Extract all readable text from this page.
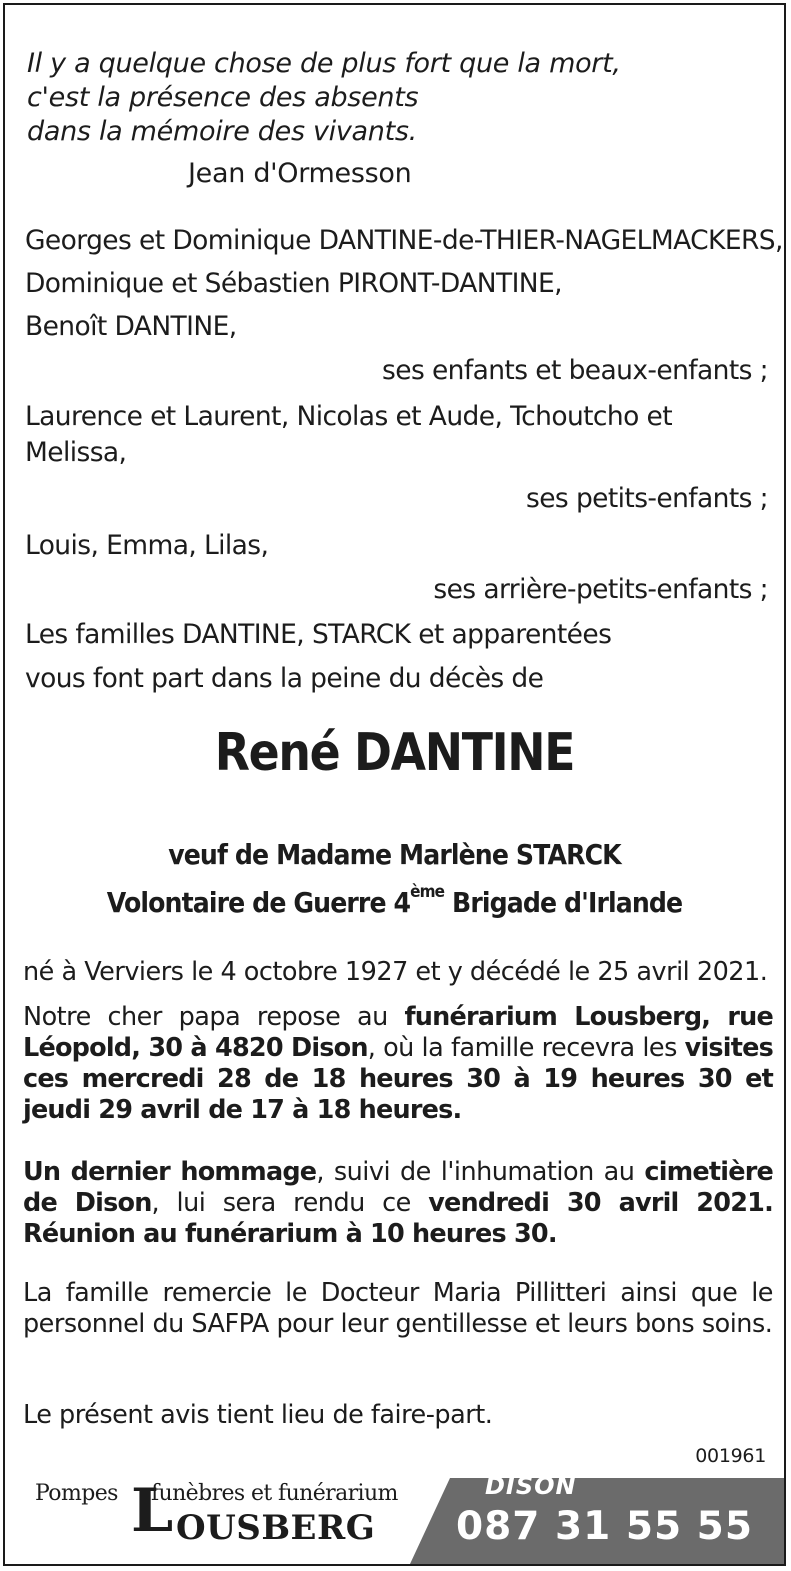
Il y a quelque chose de plus fort que la mort,
c'est la présence des absents
dans la mémoire des vivants.
Jean d'Ormesson
Georges et Dominique DANTINE-de-THIER-NAGELMACKERS,
Dominique et Sébastien PIRONT-DANTINE,
Benoît DANTINE,
ses enfants et beaux-enfants ;
Laurence et Laurent, Nicolas et Aude, Tchoutcho et
Melissa,
ses petits-enfants ;
Louis, Emma, Lilas,
ses arrière-petits-enfants ;
Les familles DANTINE, STARCK et apparentées
vous font part dans la peine du décès de
René DANTINE
veuf de Madame Marlène STARCK
Volontaire de Guerre 4ème Brigade d'Irlande
né à Verviers le 4 octobre 1927 et y décédé le 25 avril 2021.
Notre cher papa repose au funérarium Lousberg, rue Léopold, 30 à 4820 Dison, où la famille recevra les visites ces mercredi 28 de 18 heures 30 à 19 heures 30 et jeudi 29 avril de 17 à 18 heures.
Un dernier hommage, suivi de l'inhumation au cimetière de Dison, lui sera rendu ce vendredi 30 avril 2021. Réunion au funérarium à 10 heures 30.
La famille remercie le Docteur Maria Pillitteri ainsi que le personnel du SAFPA pour leur gentillesse et leurs bons soins.
Le présent avis tient lieu de faire-part.
001961
Pompes L
funèbres et funérarium
OUSBERG
DISON
087 31 55 55
